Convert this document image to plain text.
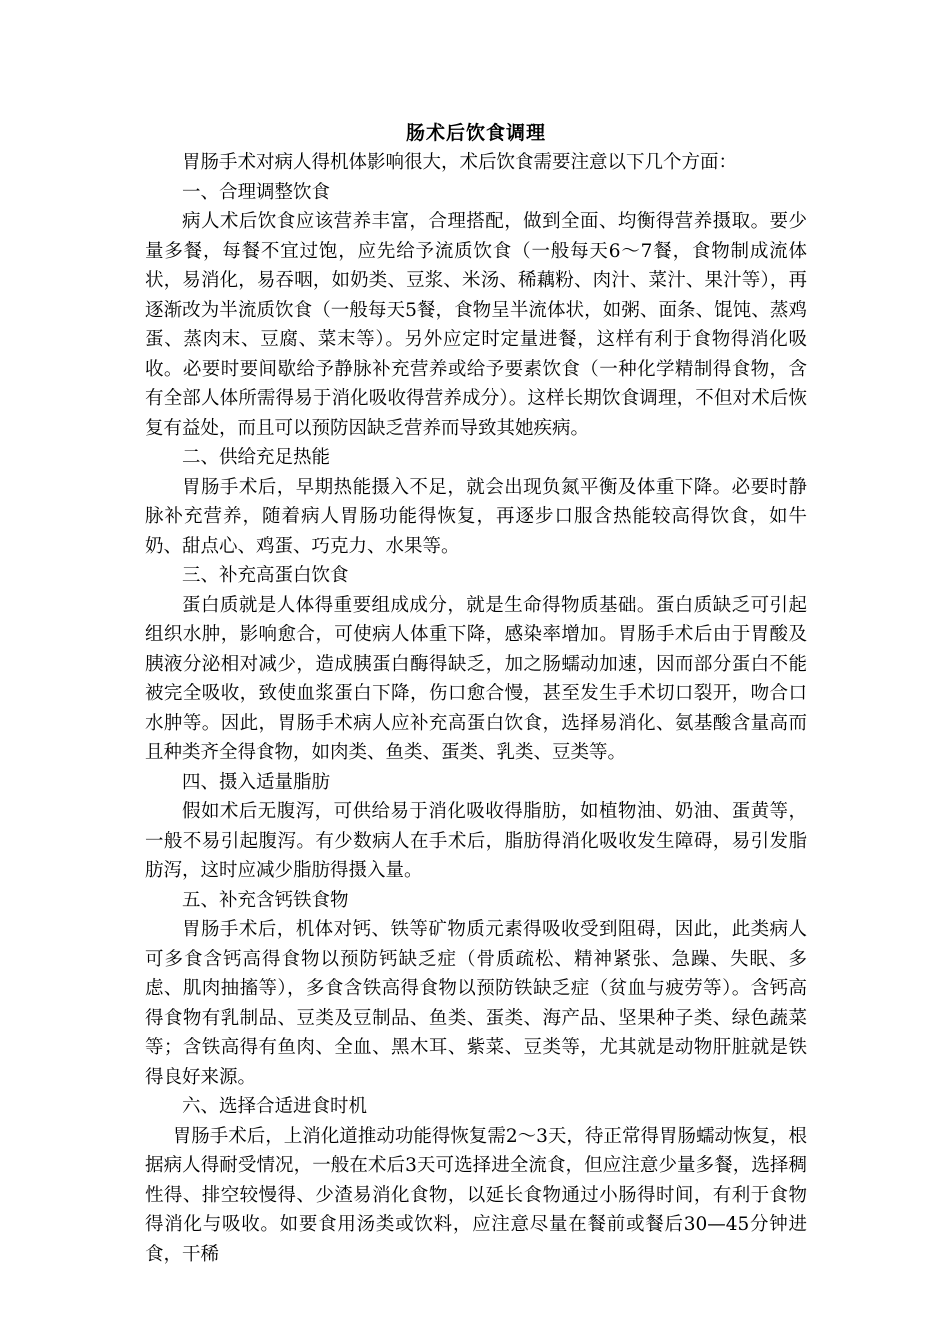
肠术后饮食调理

胃肠手术对病人得机体影响很大，术后饮食需要注意以下几个方面：

一、合理调整饮食

病人术后饮食应该营养丰富，合理搭配，做到全面、均衡得营养摄取。要少量多餐，每餐不宜过饱，应先给予流质饮食（一般每天6～7餐，食物制成流体状，易消化，易吞咽，如奶类、豆浆、米汤、稀藕粉、肉汁、菜汁、果汁等），再逐渐改为半流质饮食（一般每天5餐，食物呈半流体状，如粥、面条、馄饨、蒸鸡蛋、蒸肉末、豆腐、菜末等）。另外应定时定量进餐，这样有利于食物得消化吸收。必要时要间歇给予静脉补充营养或给予要素饮食（一种化学精制得食物，含有全部人体所需得易于消化吸收得营养成分）。这样长期饮食调理，不但对术后恢复有益处，而且可以预防因缺乏营养而导致其她疾病。

二、供给充足热能

胃肠手术后，早期热能摄入不足，就会出现负氮平衡及体重下降。必要时静脉补充营养，随着病人胃肠功能得恢复，再逐步口服含热能较高得饮食，如牛奶、甜点心、鸡蛋、巧克力、水果等。

三、补充高蛋白饮食

蛋白质就是人体得重要组成成分，就是生命得物质基础。蛋白质缺乏可引起组织水肿，影响愈合，可使病人体重下降，感染率增加。胃肠手术后由于胃酸及胰液分泌相对减少，造成胰蛋白酶得缺乏，加之肠蠕动加速，因而部分蛋白不能被完全吸收，致使血浆蛋白下降，伤口愈合慢，甚至发生手术切口裂开，吻合口水肿等。因此，胃肠手术病人应补充高蛋白饮食，选择易消化、氨基酸含量高而且种类齐全得食物，如肉类、鱼类、蛋类、乳类、豆类等。

四、摄入适量脂肪

假如术后无腹泻，可供给易于消化吸收得脂肪，如植物油、奶油、蛋黄等，一般不易引起腹泻。有少数病人在手术后，脂肪得消化吸收发生障碍，易引发脂肪泻，这时应减少脂肪得摄入量。

五、补充含钙铁食物

胃肠手术后，机体对钙、铁等矿物质元素得吸收受到阻碍，因此，此类病人可多食含钙高得食物以预防钙缺乏症（骨质疏松、精神紧张、急躁、失眠、多虑、肌肉抽搐等），多食含铁高得食物以预防铁缺乏症（贫血与疲劳等）。含钙高得食物有乳制品、豆类及豆制品、鱼类、蛋类、海产品、坚果种子类、绿色蔬菜等；含铁高得有鱼肉、全血、黑木耳、紫菜、豆类等，尤其就是动物肝脏就是铁得良好来源。

六、选择合适进食时机

胃肠手术后，上消化道推动功能得恢复需2～3天，待正常得胃肠蠕动恢复，根据病人得耐受情况，一般在术后3天可选择进全流食，但应注意少量多餐，选择稠性得、排空较慢得、少渣易消化食物，以延长食物通过小肠得时间，有利于食物得消化与吸收。如要食用汤类或饮料，应注意尽量在餐前或餐后30—45分钟进食，干稀
